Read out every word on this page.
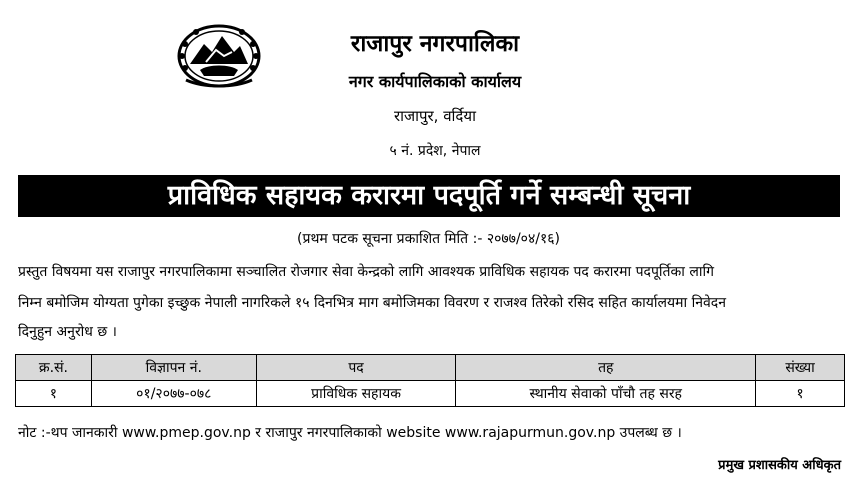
राजापुर नगरपालिका
नगर कार्यपालिकाको कार्यालय
राजापुर, वर्दिया
५ नं. प्रदेश, नेपाल
प्राविधिक सहायक करारमा पदपूर्ति गर्ने सम्बन्धी सूचना
(प्रथम पटक सूचना प्रकाशित मिति :- २०७७/०४/१६)
प्रस्तुत विषयमा यस राजापुर नगरपालिकामा सञ्चालित रोजगार सेवा केन्द्रको लागि आवश्यक प्राविधिक सहायक पद करारमा पदपूर्तिका लागि
निम्न बमोजिम योग्यता पुगेका इच्छुक नेपाली नागरिकले १५ दिनभित्र माग बमोजिमका विवरण र राजश्व तिरेको रसिद सहित कार्यालयमा निवेदन
दिनुहुन अनुरोध छ ।
क्र.सं.	विज्ञापन नं.	पद	तह	संख्या
१	०१/२०७७-०७८	प्राविधिक सहायक	स्थानीय सेवाको पाँचौ तह सरह	१
नोट :-थप जानकारी www.pmep.gov.np र राजापुर नगरपालिकाको website www.rajapurmun.gov.np उपलब्ध छ ।
प्रमुख प्रशासकीय अधिकृत
